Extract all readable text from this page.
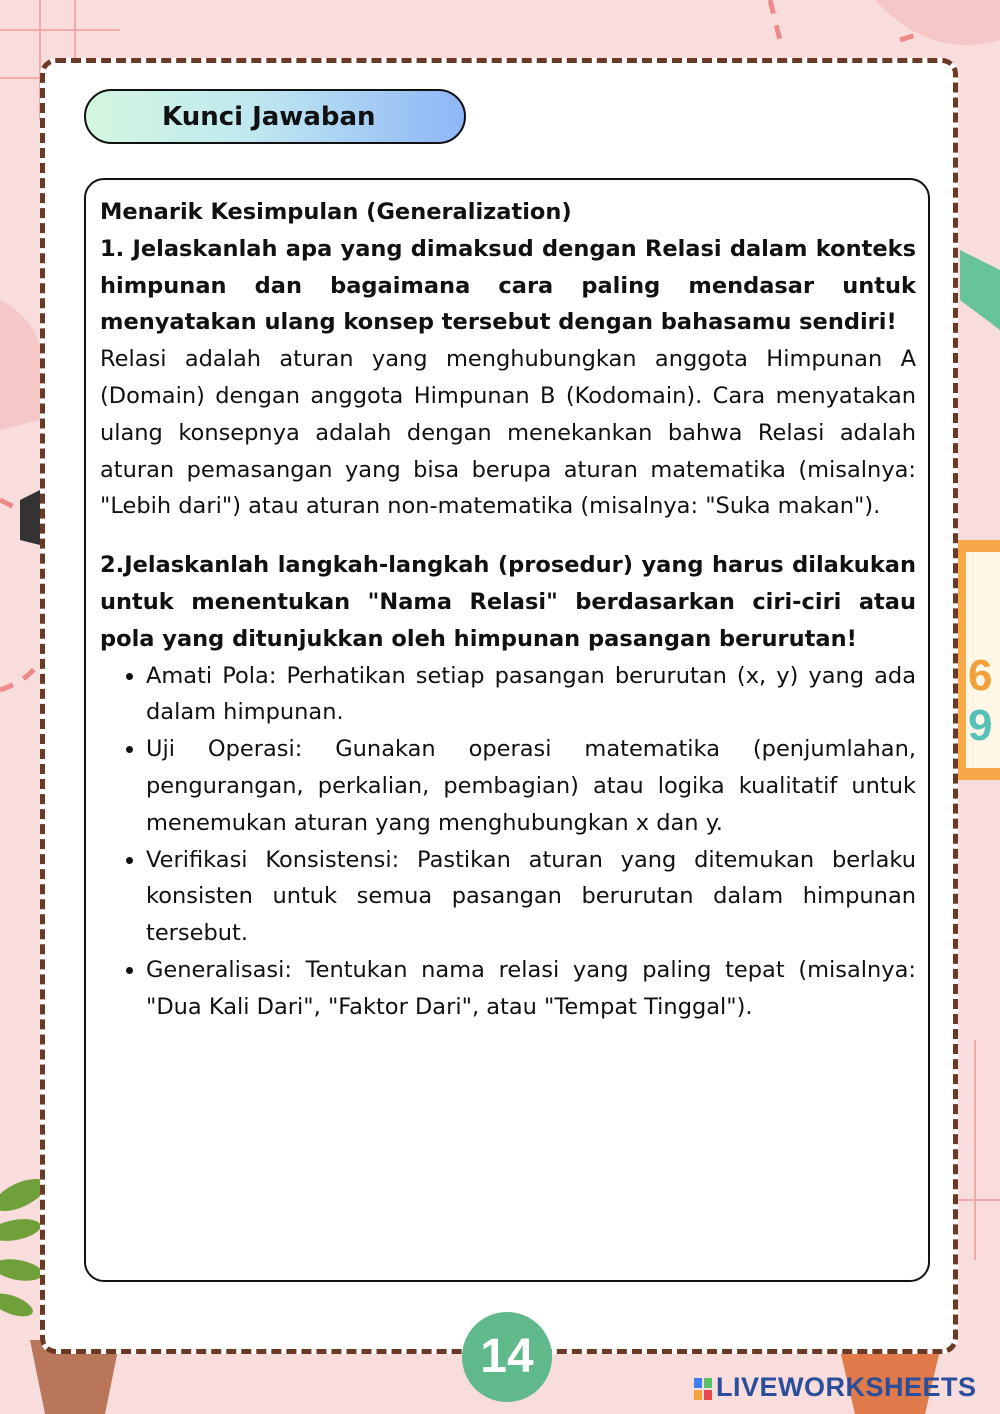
6
9
Kunci Jawaban

Menarik Kesimpulan (Generalization)

1. Jelaskanlah apa yang dimaksud dengan Relasi dalam konteks himpunan dan bagaimana cara paling mendasar untuk menyatakan ulang konsep tersebut dengan bahasamu sendiri!

Relasi adalah aturan yang menghubungkan anggota Himpunan A (Domain) dengan anggota Himpunan B (Kodomain). Cara menyatakan ulang konsepnya adalah dengan menekankan bahwa Relasi adalah aturan pemasangan yang bisa berupa aturan matematika (misalnya: "Lebih dari") atau aturan non-matematika (misalnya: "Suka makan").

2.Jelaskanlah langkah-langkah (prosedur) yang harus dilakukan untuk menentukan "Nama Relasi" berdasarkan ciri-ciri atau pola yang ditunjukkan oleh himpunan pasangan berurutan!

• Amati Pola: Perhatikan setiap pasangan berurutan (x, y) yang ada dalam himpunan.
• Uji Operasi: Gunakan operasi matematika (penjumlahan, pengurangan, perkalian, pembagian) atau logika kualitatif untuk menemukan aturan yang menghubungkan x dan y.
• Verifikasi Konsistensi: Pastikan aturan yang ditemukan berlaku konsisten untuk semua pasangan berurutan dalam himpunan tersebut.
• Generalisasi: Tentukan nama relasi yang paling tepat (misalnya: "Dua Kali Dari", "Faktor Dari", atau "Tempat Tinggal").
14
LIVEWORKSHEETS
